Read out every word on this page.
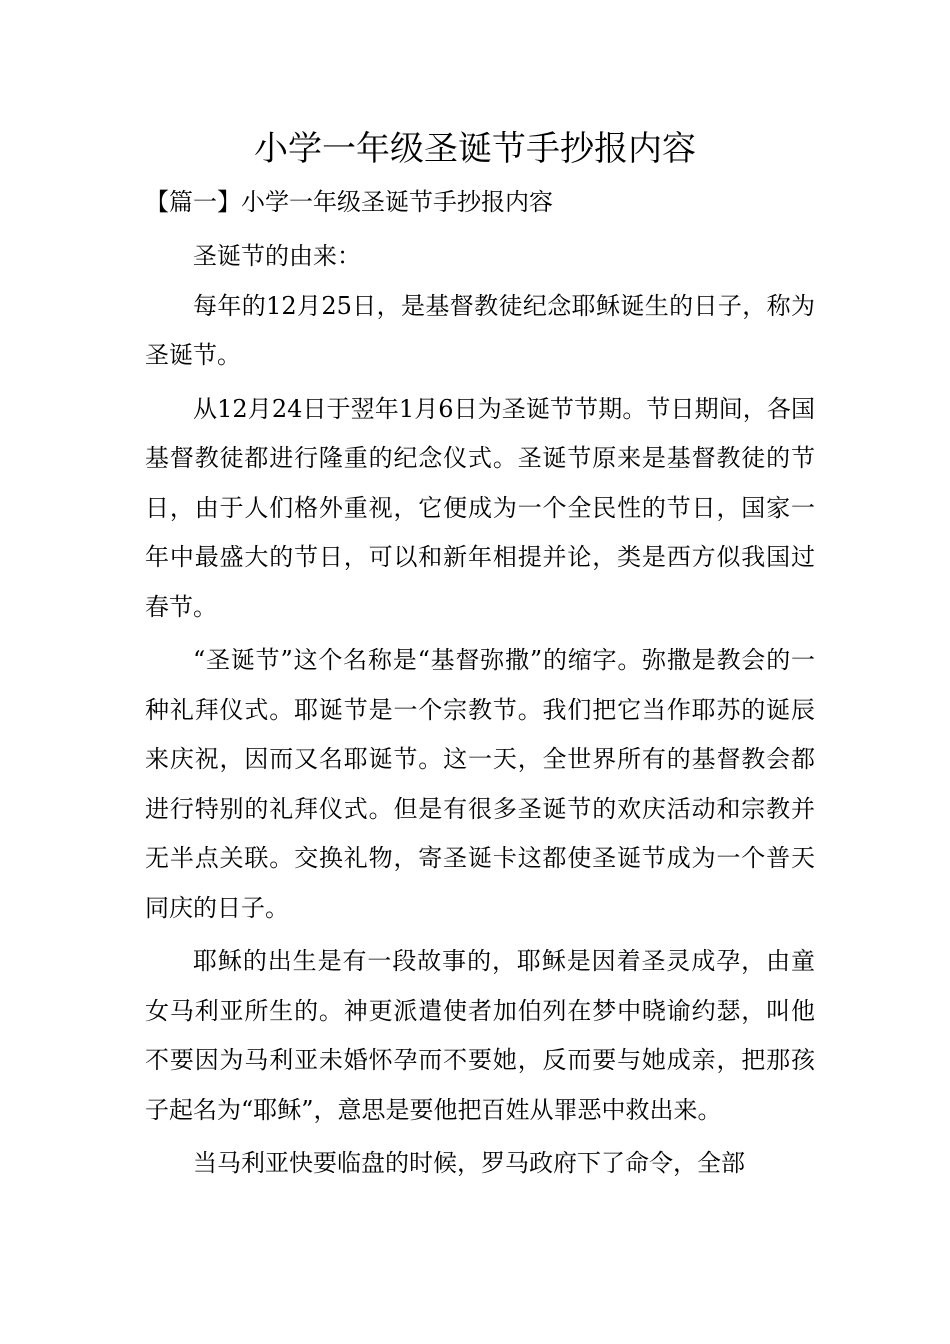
小学一年级圣诞节手抄报内容
【篇一】小学一年级圣诞节手抄报内容

圣诞节的由来：

每年的12月25日，是基督教徒纪念耶稣诞生的日子，称为圣诞节。

从12月24日于翌年1月6日为圣诞节节期。节日期间，各国基督教徒都进行隆重的纪念仪式。圣诞节原来是基督教徒的节日，由于人们格外重视，它便成为一个全民性的节日，国家一年中最盛大的节日，可以和新年相提并论，类是西方似我国过春节。

“圣诞节”这个名称是“基督弥撒”的缩字。弥撒是教会的一种礼拜仪式。耶诞节是一个宗教节。我们把它当作耶苏的诞辰来庆祝，因而又名耶诞节。这一天，全世界所有的基督教会都进行特别的礼拜仪式。但是有很多圣诞节的欢庆活动和宗教并无半点关联。交换礼物，寄圣诞卡这都使圣诞节成为一个普天同庆的日子。

耶稣的出生是有一段故事的，耶稣是因着圣灵成孕，由童女马利亚所生的。神更派遣使者加伯列在梦中晓谕约瑟，叫他不要因为马利亚未婚怀孕而不要她，反而要与她成亲，把那孩子起名为“耶稣”，意思是要他把百姓从罪恶中救出来。

当马利亚快要临盘的时候，罗马政府下了命令，全部
